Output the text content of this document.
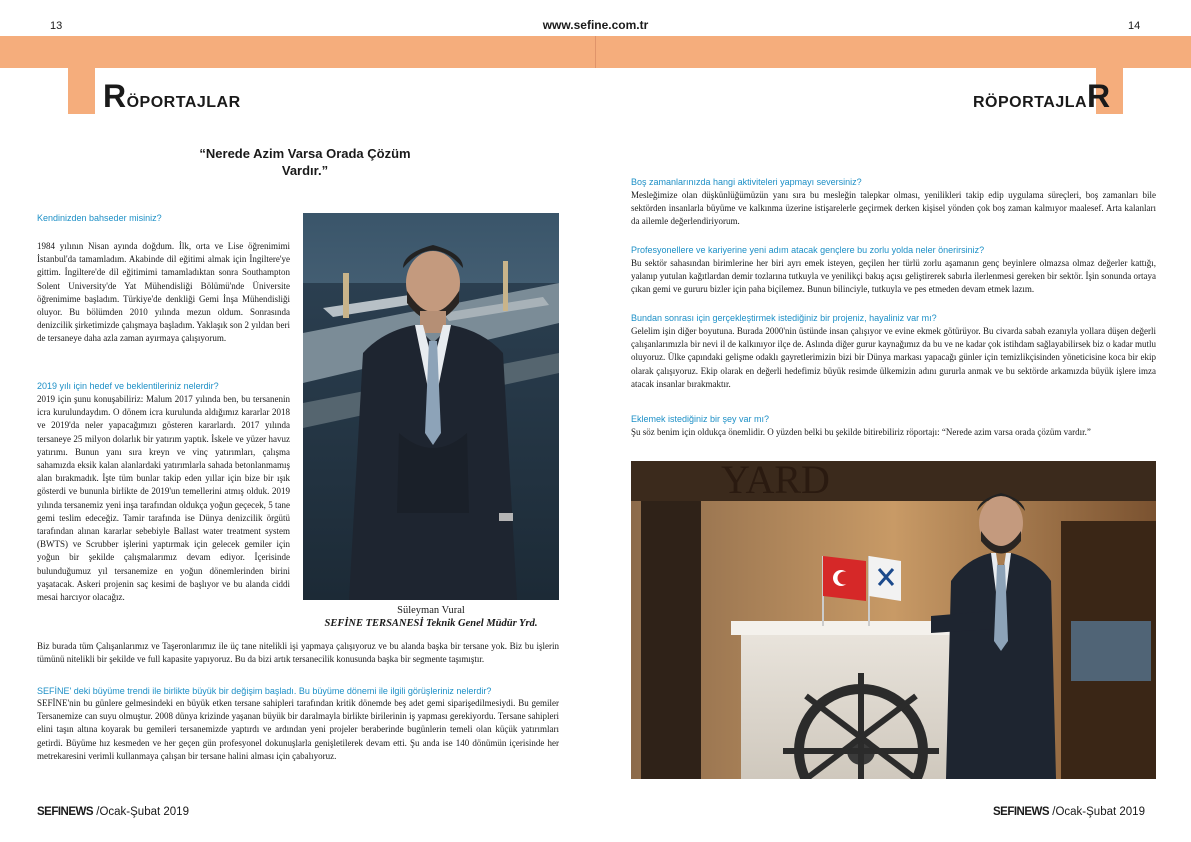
13	www.sefine.com.tr	14
RÖPORTAJLAR	RÖPORTAJLAR
“Nerede Azim Varsa Orada Çözüm Vardır.”
Kendinizden bahseder misiniz?

1984 yılının Nisan ayında doğdum. İlk, orta ve Lise öğrenimimi İstanbul'da tamamladım. Akabinde dil eğitimi almak için İngiltere'ye gittim. İngiltere'de dil eğitimimi tamamladıktan sonra Southampton Solent University'de Yat Mühendisliği Bölümü'nde Üniversite öğrenimime başladım. Türkiye'de denkliği Gemi İnşa Mühendisliği oluyor. Bu bölümden 2010 yılında mezun oldum. Sonrasında denizcilik şirketimizde çalışmaya başladım. Yaklaşık son 2 yıldan beri de tersaneye daha azla zaman ayırmaya çalışıyorum.

2019 yılı için hedef ve beklentileriniz nelerdir?

2019 için şunu konuşabiliriz: Malum 2017 yılında ben, bu tersanenin icra kurulundaydım. O dönem icra kurulunda aldığımız kararlar 2018 ve 2019'da neler yapacağımızı gösteren kararlardı. 2017 yılında tersaneye 25 milyon dolarlık bir yatırım yaptık. İskele ve yüzer havuz yatırımı. Bunun yanı sıra kreyn ve vinç yatırımları, çalışma sahamızda eksik kalan alanlardaki yatırımlarla sahada betonlanmamış alan bırakmadık. İşte tüm bunlar takip eden yıllar için bize bir ışık gösterdi ve bununla birlikte de 2019'un temellerini atmış olduk. 2019 yılında tersanemiz yeni inşa tarafından oldukça yoğun geçecek, 5 tane gemi teslim edeceğiz. Tamir tarafında ise Dünya denizcilik örgütü tarafından alınan kararlar sebebiyle Ballast water treatment system (BWTS) ve Scrubber işlerini yaptırmak için gelecek gemiler için yoğun bir şekilde çalışmalarımız devam ediyor. İçerisinde bulunduğumuz yıl tersanemize en yoğun dönemlerinden birini yaşatacak. Askeri projenin saç kesimi de başlıyor ve bu alanda ciddi mesai harcıyor olacağız.

Biz burada tüm Çalışanlarımız ve Taşeronlarımız ile üç tane nitelikli işi yapmaya çalışıyoruz ve bu alanda başka bir tersane yok. Biz bu işlerin tümünü nitelikli bir şekilde ve full kapasite yapıyoruz. Bu da bizi artık tersanecilik konusunda başka bir segmente taşımıştır.

SEFİNE' deki büyüme trendi ile birlikte büyük bir değişim başladı. Bu büyüme dönemi ile ilgili görüşleriniz nelerdir?

SEFİNE'nin bu günlere gelmesindeki en büyük etken tersane sahipleri tarafından kritik dönemde beş adet gemi siparişedilmesiydi. Bu gemiler Tersanemize can suyu olmuştur. 2008 dünya krizinde yaşanan büyük bir daralmayla birlikte birilerinin iş yapması gerekiyordu. Tersane sahipleri elini taşın altına koyarak bu gemileri tersanemizde yaptırdı ve ardından yeni projeler beraberinde bugünlerin temeli olan küçük yatırımları getirdi. Büyüme hız kesmeden ve her geçen gün profesyonel dokunuşlarla genişletilerek devam etti. Şu anda ise 140 dönümün içerisinde her metrekaresini verimli kullanmaya çalışan bir tersane halini alması için çabalıyoruz.

Süleyman Vural
SEFİNE TERSANESİ Teknik Genel Müdür Yrd.
Boş zamanlarınızda hangi aktiviteleri yapmayı seversiniz?

Mesleğimize olan düşkünlüğümüzün yanı sıra bu mesleğin talepkar olması, yenilikleri takip edip uygulama süreçleri, boş zamanları bile sektörden insanlarla büyüme ve kalkınma üzerine istişarelerle geçirmek derken kişisel yönden çok boş zaman kalmıyor maalesef. Arta kalanları da ailemle değerlendiriyorum.

Profesyonellere ve kariyerine yeni adım atacak gençlere bu zorlu yolda neler önerirsiniz?

Bu sektör sahasından birimlerine her biri ayrı emek isteyen, geçilen her türlü zorlu aşamanın genç beyinlere olmazsa olmaz değerler kattığı, yalanıp yutulan kağıtlardan demir tozlarına tutkuyla ve yenilikçi bakış açısı geliştirerek sabırla ilerlenmesi gereken bir sektör. İşin sonunda ortaya çıkan gemi ve gururu bizler için paha biçilemez. Bunun bilinciyle, tutkuyla ve pes etmeden devam etmek lazım.

Bundan sonrası için gerçekleştirmek istediğiniz bir projeniz, hayaliniz var mı?

Gelelim işin diğer boyutuna. Burada 2000'nin üstünde insan çalışıyor ve evine ekmek götürüyor. Bu civarda sabah ezanıyla yollara düşen değerli çalışanlarımızla bir nevi il de kalkınıyor ilçe de. Aslında diğer gurur kaynağımız da bu ve ne kadar çok istihdam sağlayabilirsek biz o kadar mutlu oluyoruz. Ülke çapındaki gelişme odaklı gayretlerimizin bizi bir Dünya markası yapacağı günler için temizlikçisinden yöneticisine koca bir ekip olarak çalışıyoruz. Ekip olarak en değerli hedefimiz büyük resimde ülkemizin adını gururla anmak ve bu sektörde arkamızda büyük işlere imza atacak insanlar bırakmaktır.

Eklemek istediğiniz bir şey var mı?

Şu söz benim için oldukça önemlidir. O yüzden belki bu şekilde bitirebiliriz röportajı: “Nerede azim varsa orada çözüm vardır.”

YARD
SEFINEWS /Ocak-Şubat 2019	SEFINEWS /Ocak-Şubat 2019
